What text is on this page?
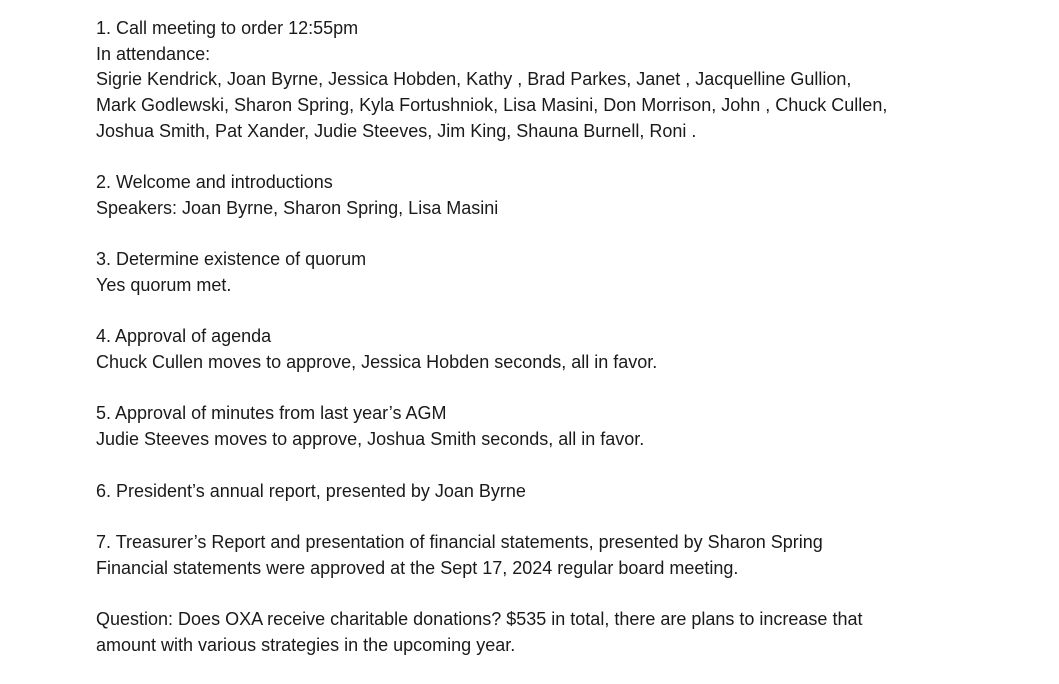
1. Call meeting to order 12:55pm
In attendance:
Sigrie Kendrick, Joan Byrne, Jessica Hobden, Kathy , Brad Parkes, Janet , Jacquelline Gullion,
Mark Godlewski, Sharon Spring, Kyla Fortushniok, Lisa Masini, Don Morrison, John , Chuck Cullen,
Joshua Smith, Pat Xander, Judie Steeves, Jim King, Shauna Burnell, Roni .
2. Welcome and introductions
Speakers: Joan Byrne, Sharon Spring, Lisa Masini
3. Determine existence of quorum
Yes quorum met.
4. Approval of agenda
Chuck Cullen moves to approve, Jessica Hobden seconds, all in favor.
5. Approval of minutes from last year’s AGM
Judie Steeves moves to approve, Joshua Smith seconds, all in favor.
6. President’s annual report, presented by Joan Byrne
7. Treasurer’s Report and presentation of financial statements, presented by Sharon Spring
Financial statements were approved at the Sept 17, 2024 regular board meeting.
Question: Does OXA receive charitable donations? $535 in total, there are plans to increase that
amount with various strategies in the upcoming year.
